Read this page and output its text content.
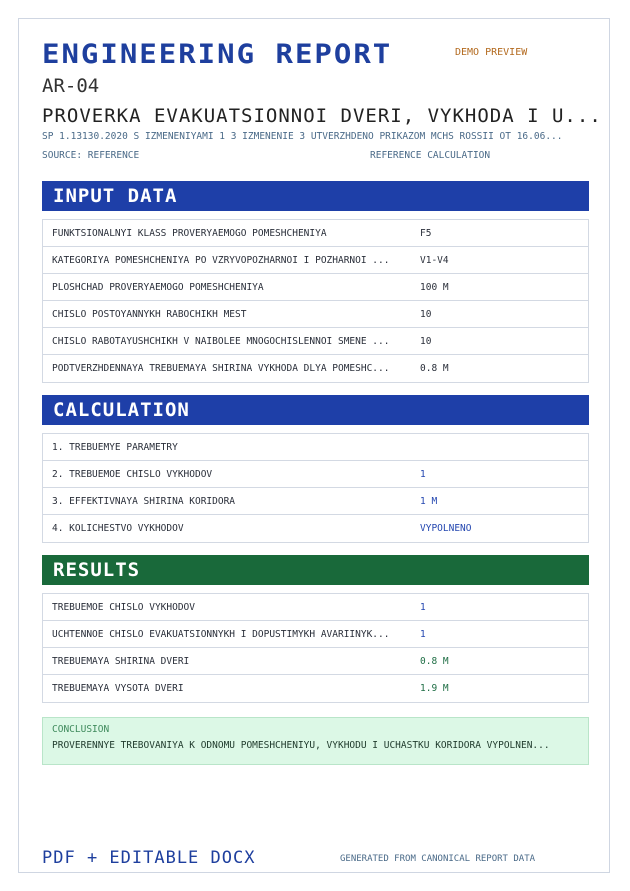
ENGINEERING REPORT	DEMO PREVIEW
AR-04
PROVERKA EVAKUATSIONNOI DVERI, VYKHODA I U...
SP 1.13130.2020 S IZMENENIYAMI 1 3 IZMENENIE 3 UTVERZHDENO PRIKAZOM MCHS ROSSII OT 16.06...
SOURCE: REFERENCE	REFERENCE CALCULATION
INPUT DATA
FUNKTSIONALNYI KLASS PROVERYAEMOGO POMESHCHENIYA	F5
KATEGORIYA POMESHCHENIYA PO VZRYVOPOZHARNOI I POZHARNOI ...	V1-V4
PLOSHCHAD PROVERYAEMOGO POMESHCHENIYA	100 M
CHISLO POSTOYANNYKH RABOCHIKH MEST	10
CHISLO RABOTAYUSHCHIKH V NAIBOLEE MNOGOCHISLENNOI SMENE ...	10
PODTVERZHDENNAYA TREBUEMAYA SHIRINA VYKHODA DLYA POMESHC...	0.8 M
CALCULATION
1. TREBUEMYE PARAMETRY
2. TREBUEMOE CHISLO VYKHODOV	1
3. EFFEKTIVNAYA SHIRINA KORIDORA	1 M
4. KOLICHESTVO VYKHODOV	VYPOLNENO
RESULTS
TREBUEMOE CHISLO VYKHODOV	1
UCHTENNOE CHISLO EVAKUATSIONNYKH I DOPUSTIMYKH AVARIINYK...	1
TREBUEMAYA SHIRINA DVERI	0.8 M
TREBUEMAYA VYSOTA DVERI	1.9 M
CONCLUSION
PROVERENNYE TREBOVANIYA K ODNOMU POMESHCHENIYU, VYKHODU I UCHASTKU KORIDORA VYPOLNEN...
PDF + EDITABLE DOCX	GENERATED FROM CANONICAL REPORT DATA
